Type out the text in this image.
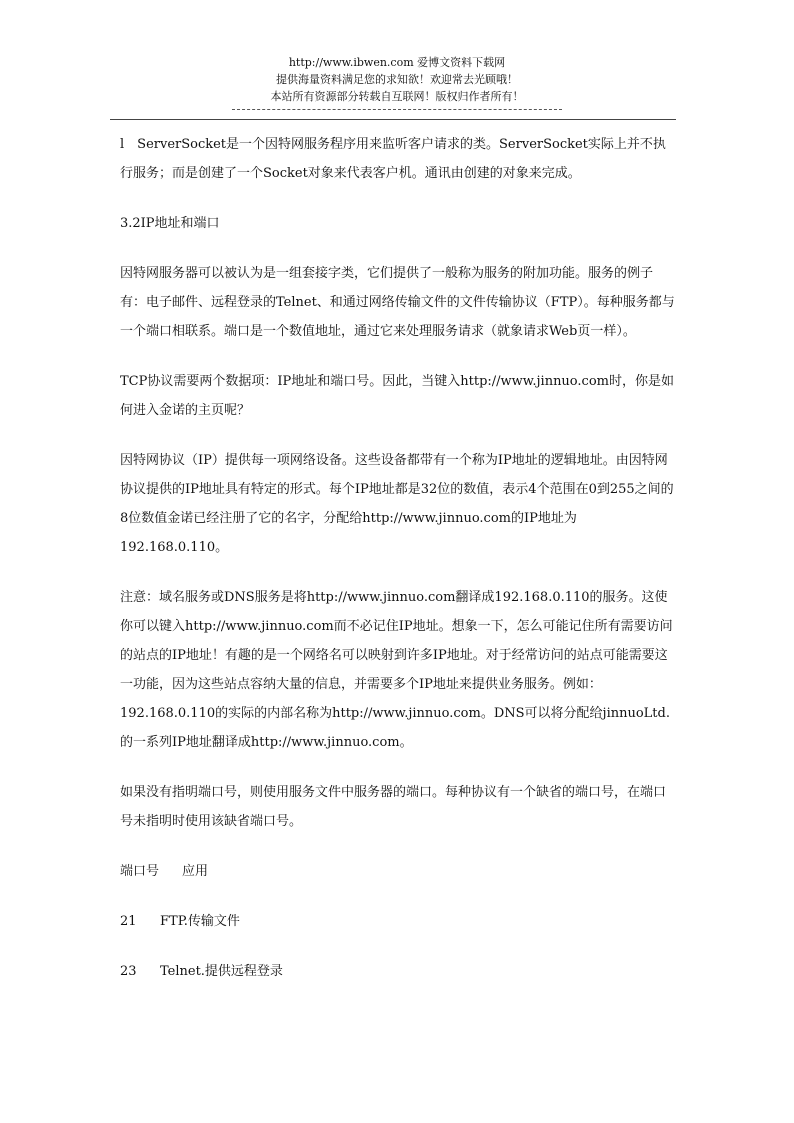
http://www.ibwen.com 爱博文资料下载网
提供海量资料满足您的求知欲！欢迎常去光顾哦！
本站所有资源部分转载自互联网！版权归作者所有！

l　ServerSocket是一个因特网服务程序用来监听客户请求的类。ServerSocket实际上并不执行服务；而是创建了一个Socket对象来代表客户机。通讯由创建的对象来完成。

3.2IP地址和端口

因特网服务器可以被认为是一组套接字类，它们提供了一般称为服务的附加功能。服务的例子有：电子邮件、远程登录的Telnet、和通过网络传输文件的文件传输协议（FTP）。每种服务都与一个端口相联系。端口是一个数值地址，通过它来处理服务请求（就象请求Web页一样）。

TCP协议需要两个数据项：IP地址和端口号。因此，当键入http://www.jinnuo.com时，你是如何进入金诺的主页呢？

因特网协议（IP）提供每一项网络设备。这些设备都带有一个称为IP地址的逻辑地址。由因特网协议提供的IP地址具有特定的形式。每个IP地址都是32位的数值，表示4个范围在0到255之间的8位数值金诺已经注册了它的名字，分配给http://www.jinnuo.com的IP地址为192.168.0.110。

注意：域名服务或DNS服务是将http://www.jinnuo.com翻译成192.168.0.110的服务。这使你可以键入http://www.jinnuo.com而不必记住IP地址。想象一下，怎么可能记住所有需要访问的站点的IP地址！有趣的是一个网络名可以映射到许多IP地址。对于经常访问的站点可能需要这一功能，因为这些站点容纳大量的信息，并需要多个IP地址来提供业务服务。例如：192.168.0.110的实际的内部名称为http://www.jinnuo.com。DNS可以将分配给jinnuoLtd.的一系列IP地址翻译成http://www.jinnuo.com。

如果没有指明端口号，则使用服务文件中服务器的端口。每种协议有一个缺省的端口号，在端口号未指明时使用该缺省端口号。

端口号 应用
21 FTP.传输文件
23 Telnet.提供远程登录
